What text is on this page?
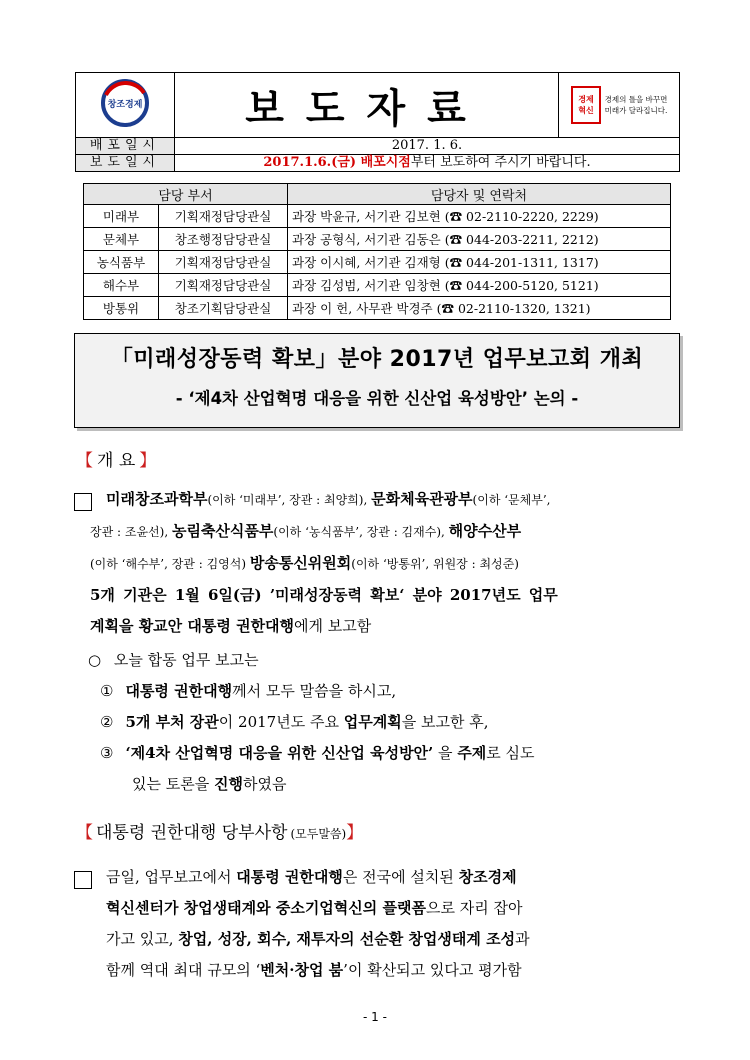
창조경제	보도자료	경제
혁신
경제의 틀을 바꾸면
미래가 달라집니다.

배포일시	2017. 1. 6.	
보도일시	2017.1.6.(금) 배포시점부터 보도하여 주시기 바랍니다.	
담당 부서		담당자 및 연락처
미래부	기획재정담당관실	과장 박윤규, 서기관 김보현 (☎ 02-2110-2220, 2229)
문체부	창조행정담당관실	과장 공형식, 서기관 김동은 (☎ 044-203-2211, 2212)
농식품부	기획재정담당관실	과장 이시혜, 서기관 김재형 (☎ 044-201-1311, 1317)
해수부	기획재정담당관실	과장 김성범, 서기관 임창현 (☎ 044-200-5120, 5121)
방통위	창조기획담당관실	과장 이 헌, 사무관 박경주 (☎ 02-2110-1320, 1321)
「미래성장동력 확보」분야 2017년 업무보고회 개최
- ‘제4차 산업혁명 대응을 위한 신산업 육성방안’ 논의 -
【 개 요 】
미래창조과학부(이하 ‘미래부’, 장관 : 최양희), 문화체육관광부(이하 ‘문체부’,
장관 : 조윤선), 농림축산식품부(이하 ‘농식품부’, 장관 : 김재수), 해양수산부
(이하 ‘해수부’, 장관 : 김영석) 방송통신위원회(이하 ‘방통위’, 위원장 : 최성준)
5개 기관은 1월 6일(금) ’미래성장동력 확보‘ 분야 2017년도 업무
계획을 황교안 대통령 권한대행에게 보고함
○ 오늘 합동 업무 보고는
① 대통령 권한대행께서 모두 말씀을 하시고,
② 5개 부처 장관이 2017년도 주요 업무계획을 보고한 후,
③ ‘제4차 산업혁명 대응을 위한 신산업 육성방안’ 을 주제로 심도
있는 토론을 진행하였음
【 대통령 권한대행 당부사항 (모두말씀)】
금일, 업무보고에서 대통령 권한대행은 전국에 설치된 창조경제
혁신센터가 창업생태계와 중소기업혁신의 플랫폼으로 자리 잡아
가고 있고, 창업, 성장, 회수, 재투자의 선순환 창업생태계 조성과
함께 역대 최대 규모의 ‘벤처·창업 붐’이 확산되고 있다고 평가함
- 1 -
